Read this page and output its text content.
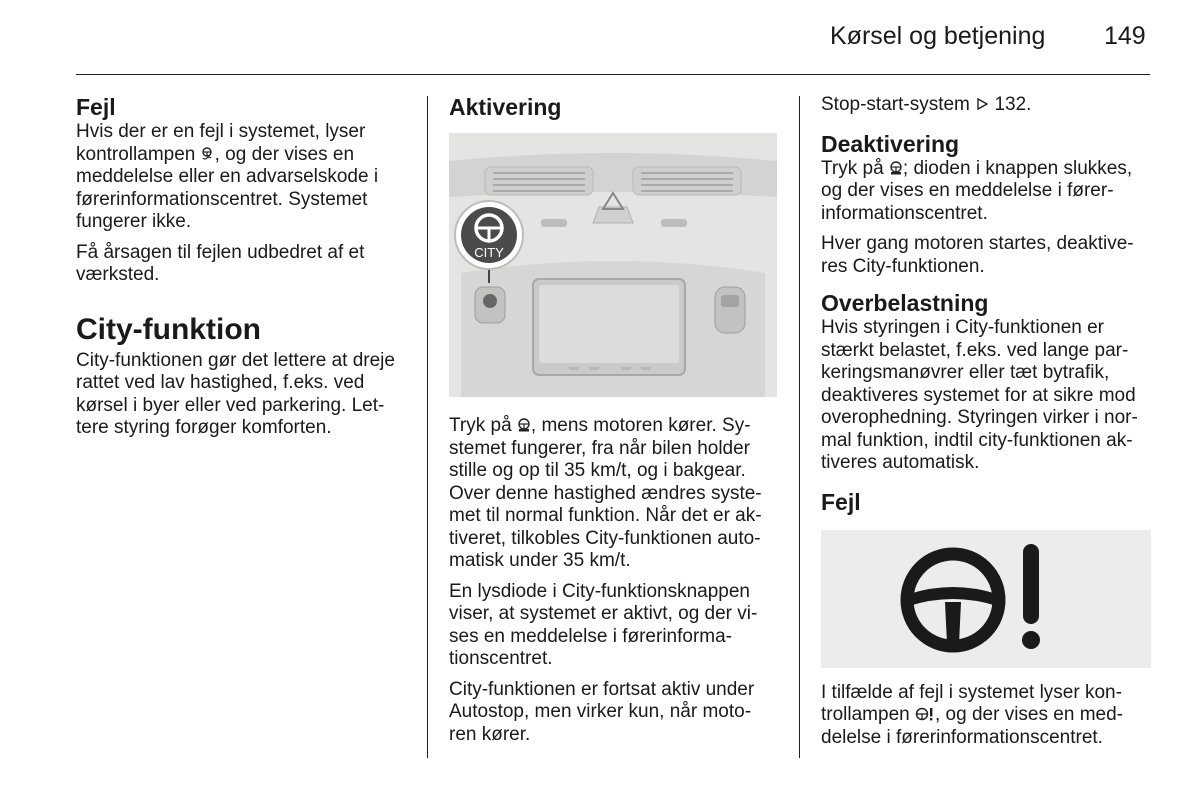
Kørsel og betjening 149
Fejl

Hvis der er en fejl i systemet, lyser

kontrollampen , og der vises en

meddelelse eller en advarselskode i

førerinformationscentret. Systemet

fungerer ikke.

Få årsagen til fejlen udbedret af et

værksted.

City-funktion

City-funktionen gør det lettere at dreje

rattet ved lav hastighed, f.eks. ved

kørsel i byer eller ved parkering. Let-

tere styring forøger komforten.

Aktivering
CITY

Tryk på , mens motoren kører. Sy-

stemet fungerer, fra når bilen holder

stille og op til 35 km/t, og i bakgear.

Over denne hastighed ændres syste-

met til normal funktion. Når det er ak-

tiveret, tilkobles City-funktionen auto-

matisk under 35 km/t.

En lysdiode i City-funktionsknappen

viser, at systemet er aktivt, og der vi-

ses en meddelelse i førerinforma-

tionscentret.

City-funktionen er fortsat aktiv under

Autostop, men virker kun, når moto-

ren kører.

Stop-start-system 132.

Deaktivering

Tryk på ; dioden i knappen slukkes,

og der vises en meddelelse i fører-

informationscentret.

Hver gang motoren startes, deaktive-

res City-funktionen.

Overbelastning

Hvis styringen i City-funktionen er

stærkt belastet, f.eks. ved lange par-

keringsmanøvrer eller tæt bytrafik,

deaktiveres systemet for at sikre mod

overophedning. Styringen virker i nor-

mal funktion, indtil city-funktionen ak-

tiveres automatisk.

Fejl

I tilfælde af fejl i systemet lyser kon-

trollampen , og der vises en med-

delelse i førerinformationscentret.
